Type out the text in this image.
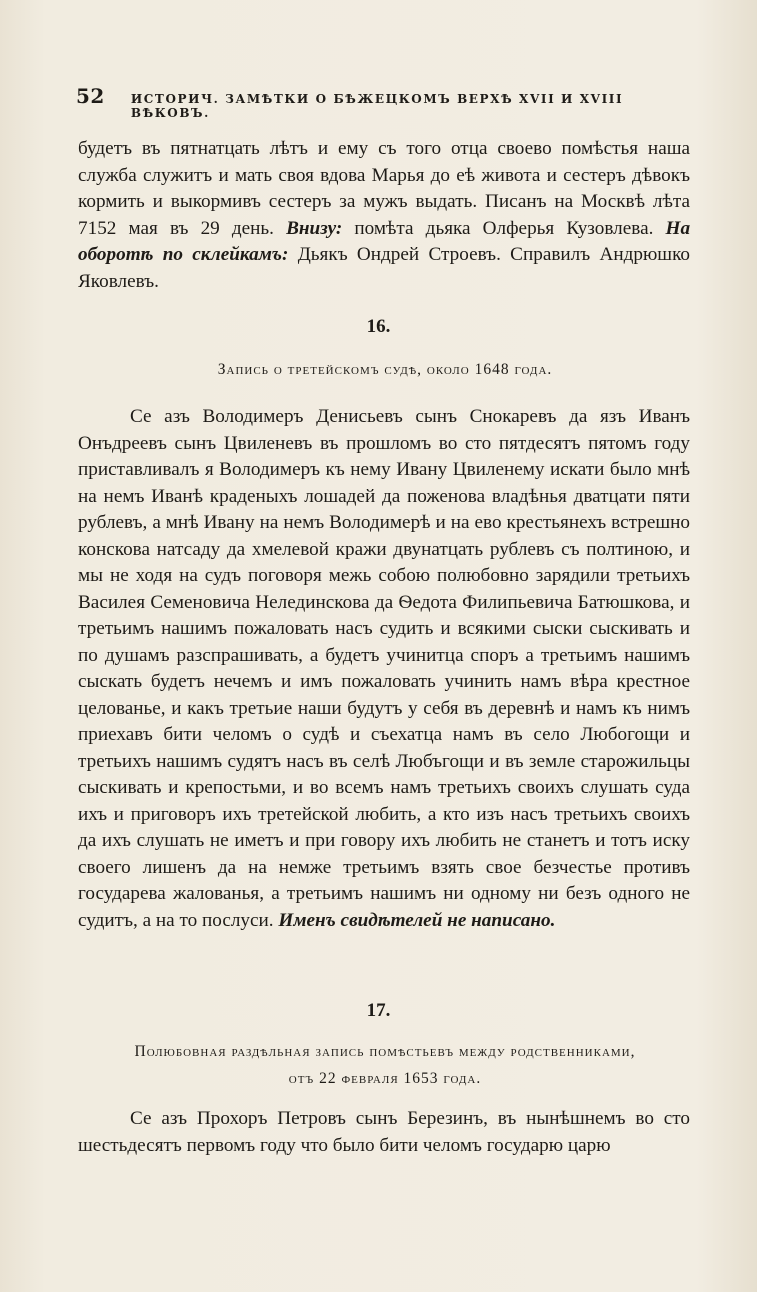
52 ИСТОРИЧ. ЗАМѢТКИ О БѢЖЕЦКОМЪ ВЕРХѢ XVII И XVIII ВѢКОВЪ.

будетъ въ пятнатцать лѣтъ и ему съ того отца своево помѣстья наша служба служитъ и мать своя вдова Марья до еѣ живота и сестеръ дѣвокъ кормить и выкормивъ сестеръ за мужъ выдать. Писанъ на Москвѣ лѣта 7152 мая въ 29 день. Внизу: помѣта дьяка Олферья Кузовлева. На оборотѣ по склейкамъ: Дьякъ Ондрей Строевъ. Справилъ Андрюшко Яковлевъ.

16.

Запись о третейскомъ судѣ, около 1648 года.

Се азъ Володимеръ Денисьевъ сынъ Снокаревъ да язъ Иванъ Онъдреевъ сынъ Цвиленевъ въ прошломъ во сто пятдесятъ пятомъ году приставливалъ я Володимеръ къ нему Ивану Цвиленему искати было мнѣ на немъ Иванѣ краденыхъ лошадей да поженова владѣнья дватцати пяти рублевъ, а мнѣ Ивану на немъ Володимерѣ и на ево крестьянехъ встрешно конскова натсаду да хмелевой кражи двунатцать рублевъ съ полтиною, и мы не ходя на судъ поговоря межь собою полюбовно зарядили третьихъ Василея Семеновича Нелединскова да Ѳедота Филипьевича Батюшкова, и третьимъ нашимъ пожаловать насъ судить и всякими сыски сыскивать и по душамъ разспрашивать, а будетъ учинитца споръ а третьимъ нашимъ сыскать будетъ нечемъ и имъ пожаловать учинить намъ вѣра крестное целованье, и какъ третьие наши будутъ у себя въ деревнѣ и намъ къ нимъ приехавъ бити челомъ о судѣ и съехатца намъ въ село Любогощи и третьихъ нашимъ судятъ насъ въ селѣ Любъгощи и въ земле старожильцы сыскивать и крепостьми, и во всемъ намъ третьихъ своихъ слушать суда ихъ и приговоръ ихъ третейской любить, а кто изъ насъ третьихъ своихъ да ихъ слушать не иметъ и при говору ихъ любить не станетъ и тотъ иску своего лишенъ да на немже третьимъ взять свое безчестье противъ государева жалованья, а третьимъ нашимъ ни одному ни безъ одного не судитъ, а на то послуси. Именъ свидѣтелей не написано.

17.

Полюбовная раздѣльная запись помѣстьевъ между родственниками,
отъ 22 февраля 1653 года.

Се азъ Прохоръ Петровъ сынъ Березинъ, въ нынѣшнемъ во сто шестьдесятъ первомъ году что было бити челомъ государю царю
